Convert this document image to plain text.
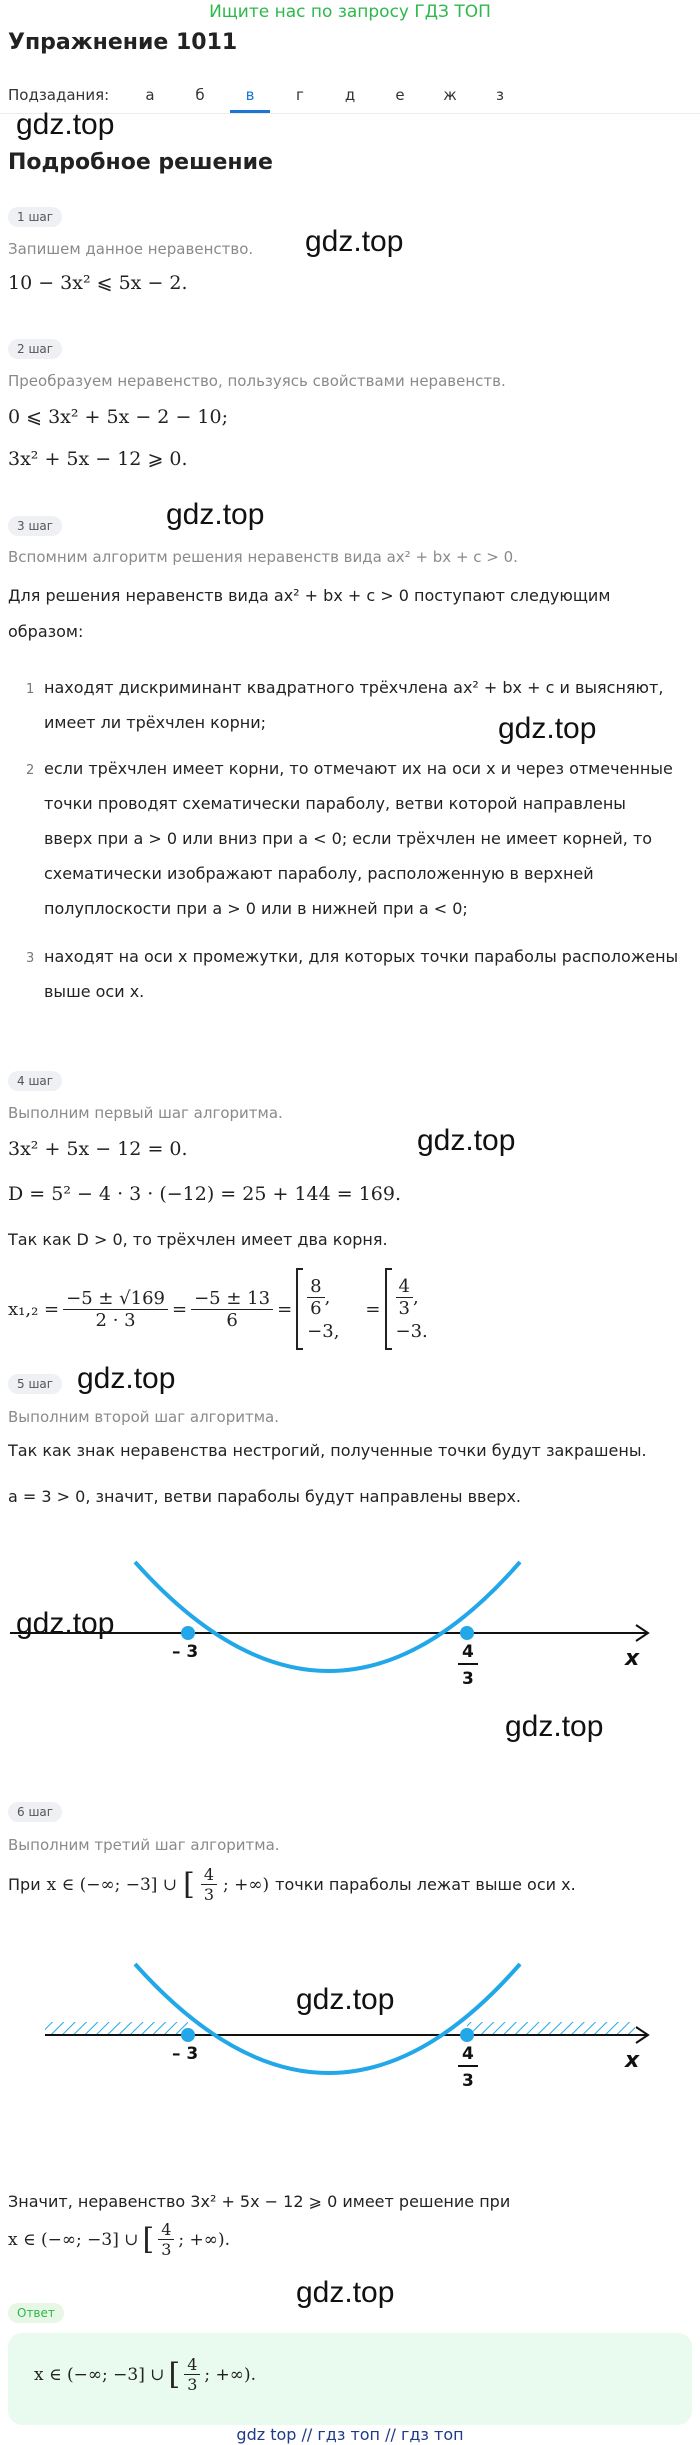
Ищите нас по запросу ГДЗ ТОП
Упражнение 1011
Подзадания:	а	б	в	г	д	е	ж	з
gdz.top
gdz.top
gdz.top
gdz.top
gdz.top
gdz.top
gdz.top
gdz.top
gdz.top
gdz.top
Подробное решение
1 шаг
Запишем данное неравенство.
10 − 3x² ⩽ 5x − 2.
2 шаг
Преобразуем неравенство, пользуясь свойствами неравенств.
0 ⩽ 3x² + 5x − 2 − 10;
3x² + 5x − 12 ⩾ 0.
3 шаг
Вспомним алгоритм решения неравенств вида ax² + bx + c > 0.
Для решения неравенств вида ax² + bx + c > 0 поступают следующим
образом:
1 находят дискриминант квадратного трёхчлена ax² + bx + c и выясняют,
имеет ли трёхчлен корни;
2 если трёхчлен имеет корни, то отмечают их на оси x и через отмеченные
точки проводят схематически параболу, ветви которой направлены
вверх при a > 0 или вниз при a < 0; если трёхчлен не имеет корней, то
схематически изображают параболу, расположенную в верхней
полуплоскости при a > 0 или в нижней при a < 0;
3 находят на оси x промежутки, для которых точки параболы расположены
выше оси x.
4 шаг
Выполним первый шаг алгоритма.
3x² + 5x − 12 = 0.
D = 5² − 4 · 3 · (−12) = 25 + 144 = 169.
Так как D > 0, то трёхчлен имеет два корня.
$x_1,_2 = \frac{-5 \pm √169}{2 \cdot 3} = \frac{-5 \pm 13}{6} = \frac{8}{6}$ ,
−3,
= $\frac{4}{3}$ ,
−3.
5 шаг
Выполним второй шаг алгоритма.
Так как знак неравенства нестрогий, полученные точки будут закрашены.
a = 3 > 0, значит, ветви параболы будут направлены вверх.
– 3	4
3
x
6 шаг
Выполним третий шаг алгоритма.
При x ∈ (−∞; −3] ∪ [ $\frac{4}{3}$ ; +∞) точки параболы лежат выше оси x.
– 3	4
3
x
Значит, неравенство 3x² + 5x − 12 ⩾ 0 имеет решение при
x ∈ (−∞; −3] ∪ [ $\frac{4}{3}$ ; +∞).
Ответ
x ∈ (−∞; −3] ∪ [ $\frac{4}{3}$ ; +∞).
gdz top // гдз топ // гдз топ
